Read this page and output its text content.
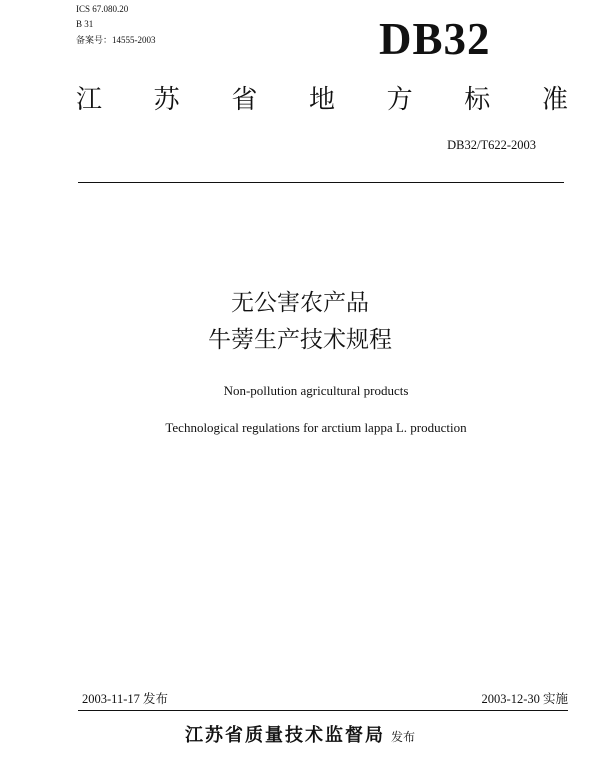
ICS 67.080.20
B 31
备案号：14555-2003	DB32
江 苏 省 地 方 标 准
DB32/T622-2003
无公害农产品
牛蒡生产技术规程
Non-pollution agricultural products
Technological regulations for arctium lappa L. production
2003-11-17 发布	2003-12-30 实施
江苏省质量技术监督局 发布
